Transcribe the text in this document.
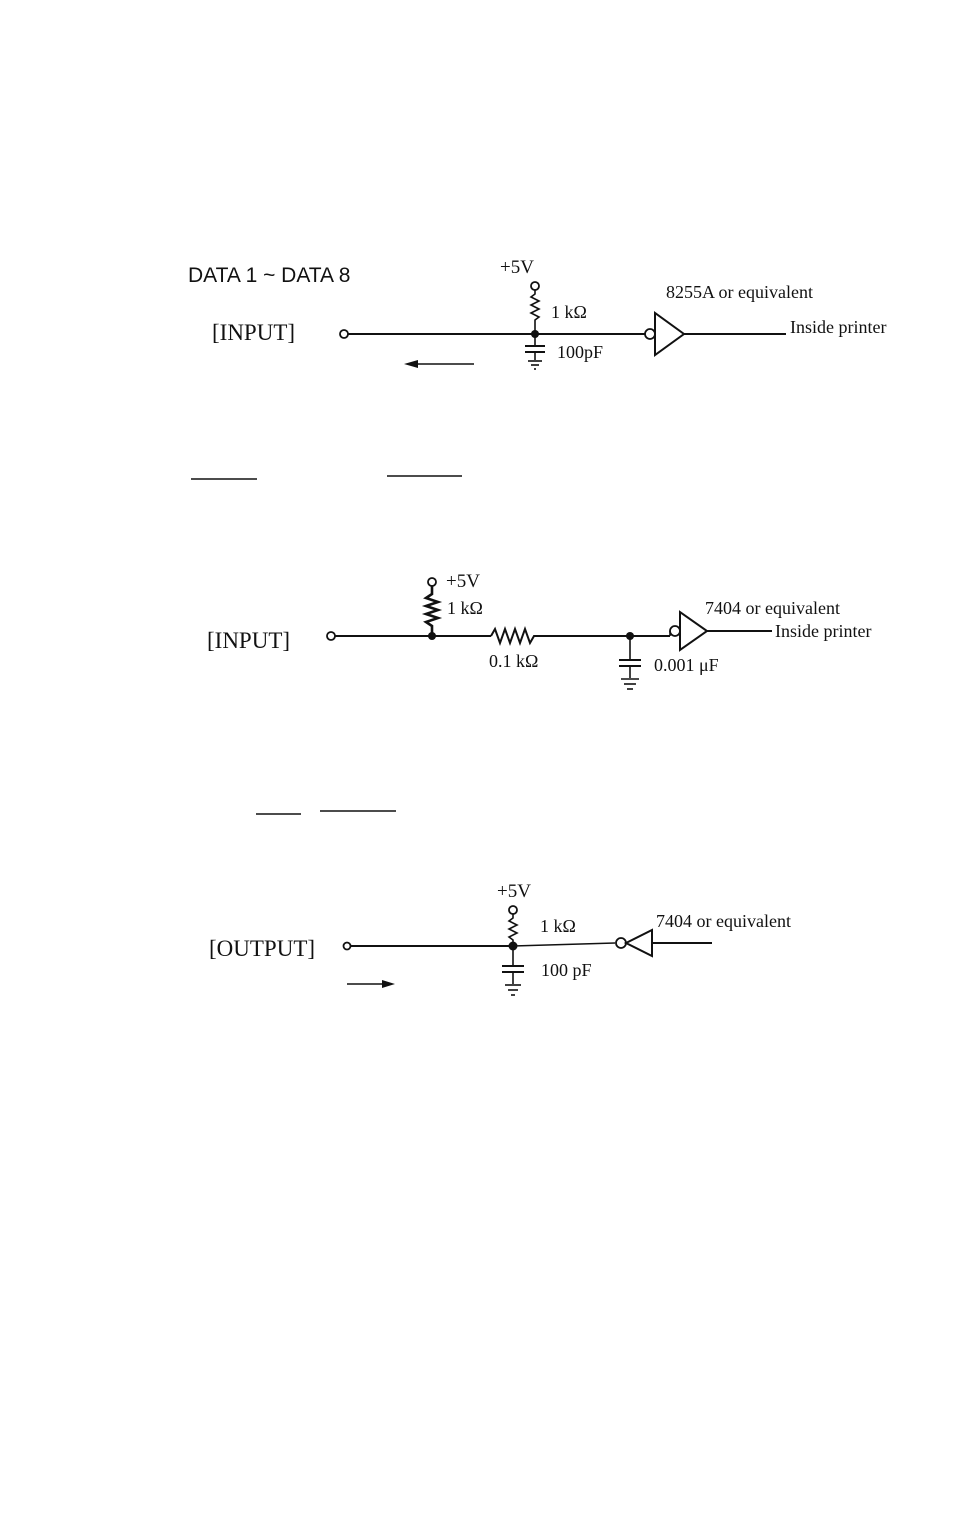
DATA 1 ~ DATA 8
[INPUT]
+5V
1 kΩ
100pF
8255A or equivalent
Inside printer
[INPUT]
+5V
1 kΩ
0.1 kΩ	0.001 μF
7404 or equivalent
Inside printer
[OUTPUT]
+5V
1 kΩ
100 pF
7404 or equivalent
